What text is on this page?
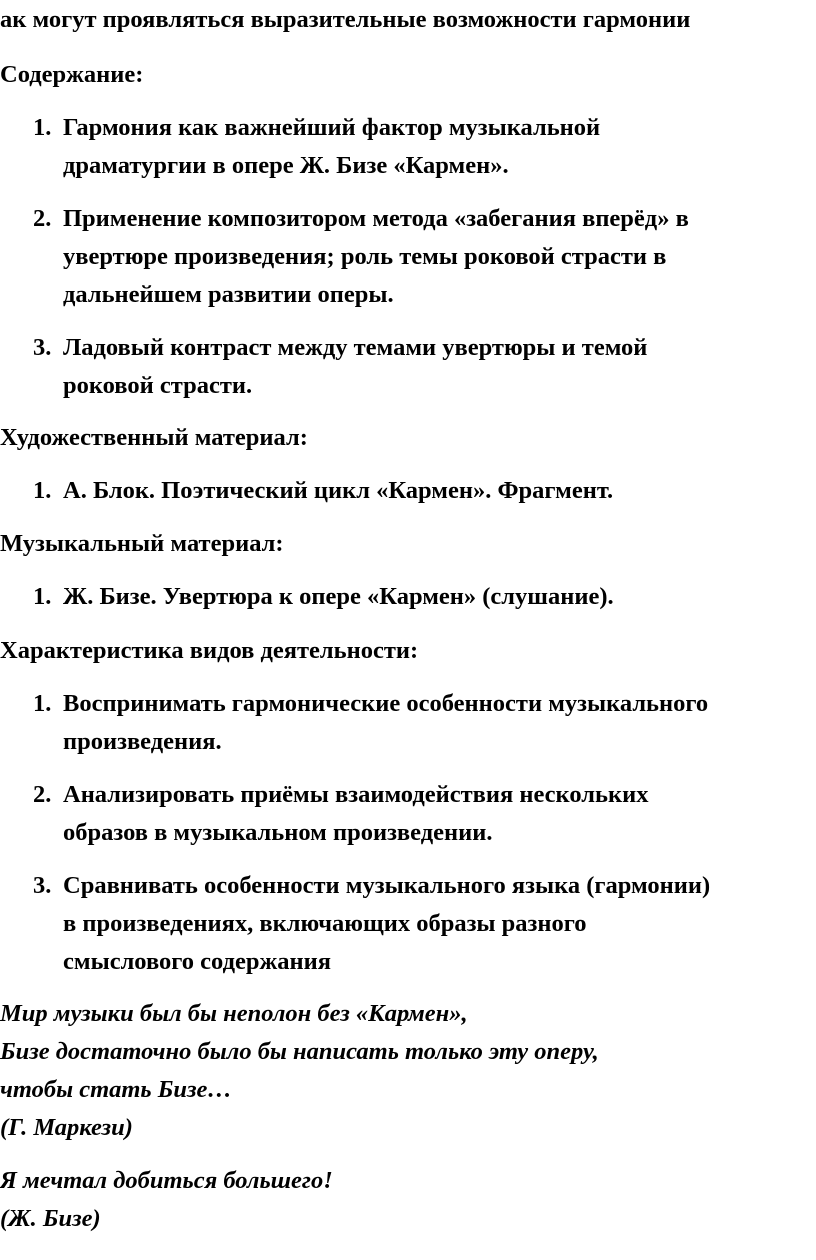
ак могут проявляться выразительные возможности гармонии
Содержание:
1. Гармония как важнейший фактор музыкальной
драматургии в опере Ж. Бизе «Кармен».
2. Применение композитором метода «забегания вперёд» в
увертюре произведения; роль темы роковой страсти в
дальнейшем развитии оперы.
3. Ладовый контраст между темами увертюры и темой
роковой страсти.
Художественный материал:
1. А. Блок. Поэтический цикл «Кармен». Фрагмент.
Музыкальный материал:
1. Ж. Бизе. Увертюра к опере «Кармен» (слушание).
Характеристика видов деятельности:
1. Воспринимать гармонические особенности музыкального
произведения.
2. Анализировать приёмы взаимодействия нескольких
образов в музыкальном произведении.
3. Сравнивать особенности музыкального языка (гармонии)
в произведениях, включающих образы разного
смыслового содержания
Мир музыки был бы неполон без «Кармен»,
Бизе достаточно было бы написать только эту оперу,
чтобы стать Бизе…
(Г. Маркези)
Я мечтал добиться большего!
(Ж. Бизе)
